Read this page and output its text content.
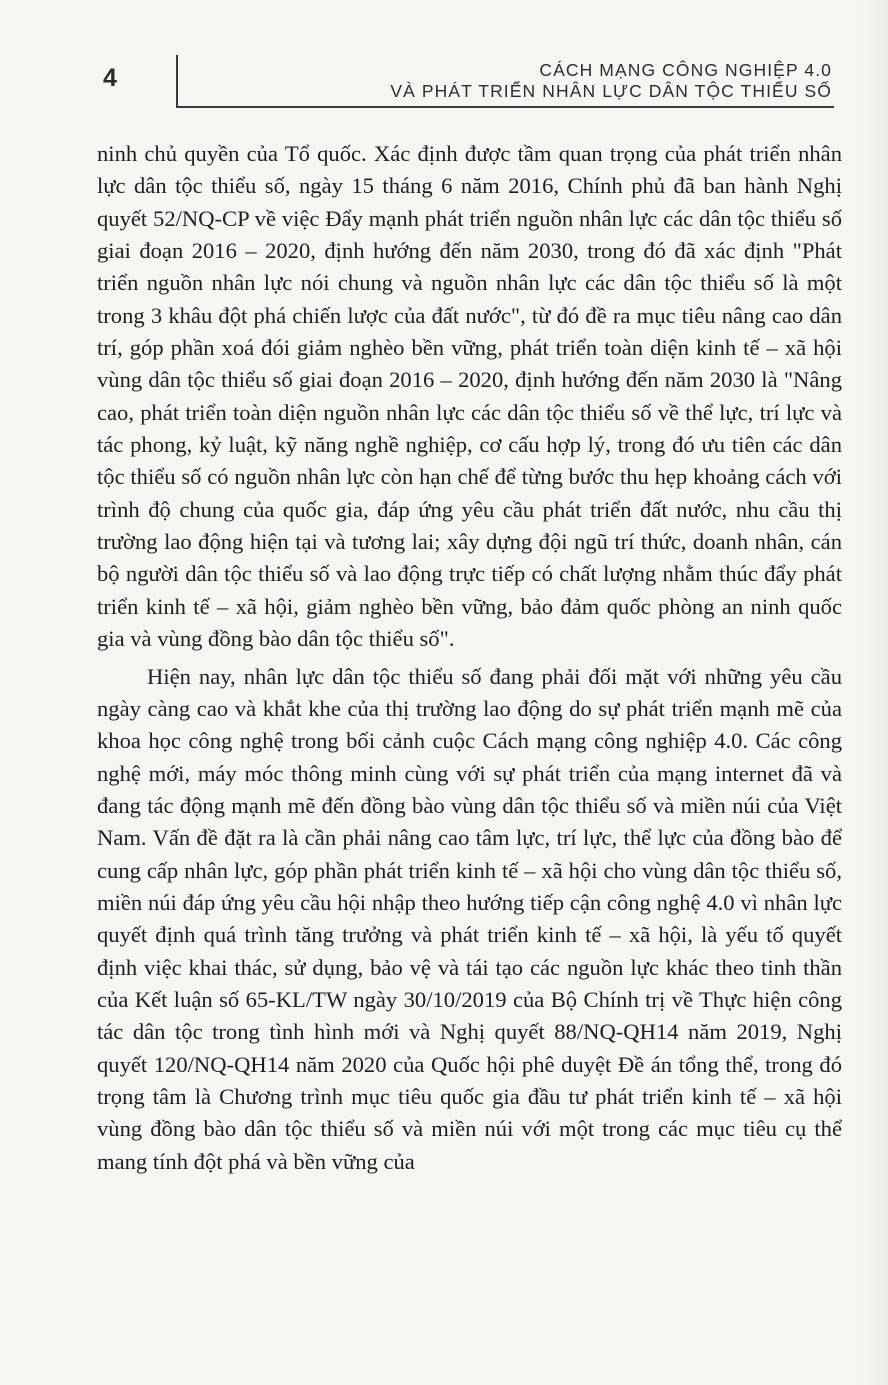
4	CÁCH MẠNG CÔNG NGHIỆP 4.0
VÀ PHÁT TRIỂN NHÂN LỰC DÂN TỘC THIỂU SỐ

ninh chủ quyền của Tổ quốc. Xác định được tầm quan trọng của phát triển nhân lực dân tộc thiểu số, ngày 15 tháng 6 năm 2016, Chính phủ đã ban hành Nghị quyết 52/NQ-CP về việc Đẩy mạnh phát triển nguồn nhân lực các dân tộc thiểu số giai đoạn 2016 – 2020, định hướng đến năm 2030, trong đó đã xác định "Phát triển nguồn nhân lực nói chung và nguồn nhân lực các dân tộc thiểu số là một trong 3 khâu đột phá chiến lược của đất nước", từ đó đề ra mục tiêu nâng cao dân trí, góp phần xoá đói giảm nghèo bền vững, phát triển toàn diện kinh tế – xã hội vùng dân tộc thiểu số giai đoạn 2016 – 2020, định hướng đến năm 2030 là "Nâng cao, phát triển toàn diện nguồn nhân lực các dân tộc thiểu số về thể lực, trí lực và tác phong, kỷ luật, kỹ năng nghề nghiệp, cơ cấu hợp lý, trong đó ưu tiên các dân tộc thiểu số có nguồn nhân lực còn hạn chế để từng bước thu hẹp khoảng cách với trình độ chung của quốc gia, đáp ứng yêu cầu phát triển đất nước, nhu cầu thị trường lao động hiện tại và tương lai; xây dựng đội ngũ trí thức, doanh nhân, cán bộ người dân tộc thiểu số và lao động trực tiếp có chất lượng nhằm thúc đẩy phát triển kinh tế – xã hội, giảm nghèo bền vững, bảo đảm quốc phòng an ninh quốc gia và vùng đồng bào dân tộc thiểu số".

Hiện nay, nhân lực dân tộc thiểu số đang phải đối mặt với những yêu cầu ngày càng cao và khắt khe của thị trường lao động do sự phát triển mạnh mẽ của khoa học công nghệ trong bối cảnh cuộc Cách mạng công nghiệp 4.0. Các công nghệ mới, máy móc thông minh cùng với sự phát triển của mạng internet đã và đang tác động mạnh mẽ đến đồng bào vùng dân tộc thiểu số và miền núi của Việt Nam. Vấn đề đặt ra là cần phải nâng cao tâm lực, trí lực, thể lực của đồng bào để cung cấp nhân lực, góp phần phát triển kinh tế – xã hội cho vùng dân tộc thiểu số, miền núi đáp ứng yêu cầu hội nhập theo hướng tiếp cận công nghệ 4.0 vì nhân lực quyết định quá trình tăng trưởng và phát triển kinh tế – xã hội, là yếu tố quyết định việc khai thác, sử dụng, bảo vệ và tái tạo các nguồn lực khác theo tinh thần của Kết luận số 65-KL/TW ngày 30/10/2019 của Bộ Chính trị về Thực hiện công tác dân tộc trong tình hình mới và Nghị quyết 88/NQ-QH14 năm 2019, Nghị quyết 120/NQ-QH14 năm 2020 của Quốc hội phê duyệt Đề án tổng thể, trong đó trọng tâm là Chương trình mục tiêu quốc gia đầu tư phát triển kinh tế – xã hội vùng đồng bào dân tộc thiểu số và miền núi với một trong các mục tiêu cụ thể mang tính đột phá và bền vững của
